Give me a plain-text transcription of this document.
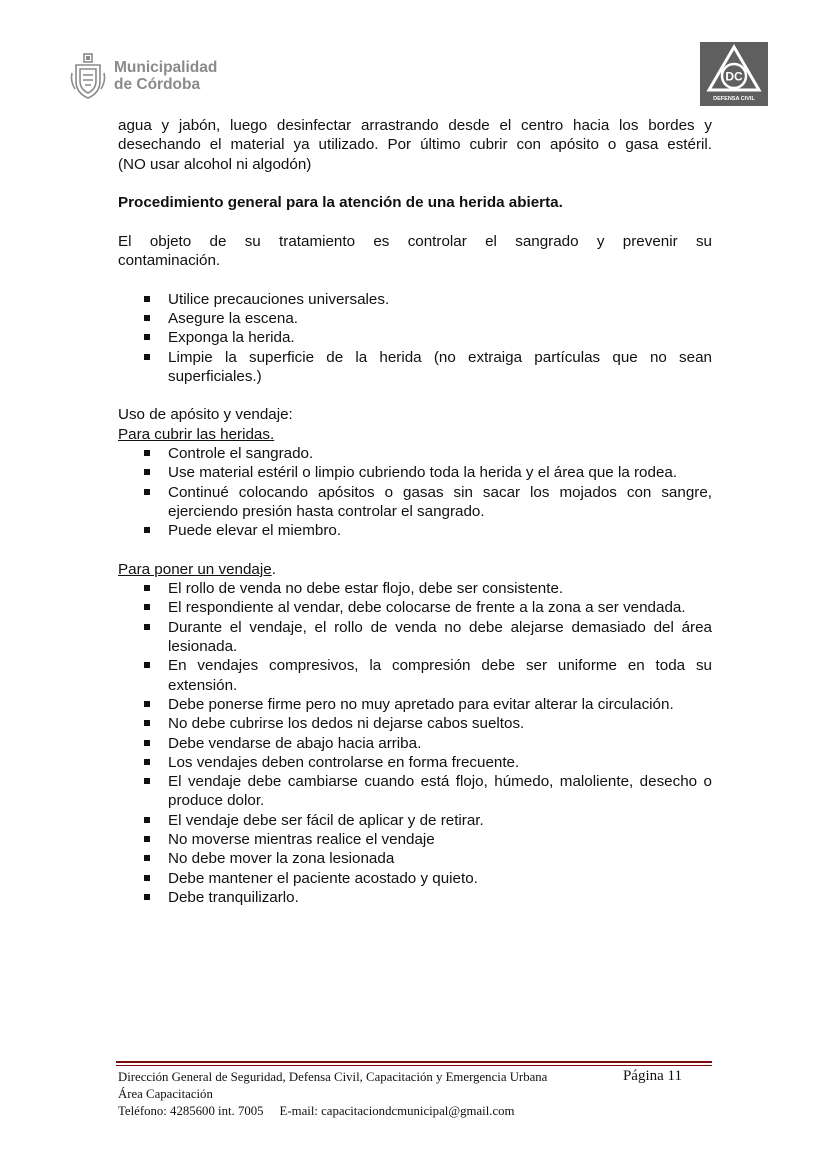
Municipalidad
de Córdoba	DC
DEFENSA CIVIL

agua y jabón, luego desinfectar arrastrando desde el centro hacia los bordes y

desechando el material ya utilizado. Por último cubrir con apósito o gasa estéril.

(NO usar alcohol ni algodón)

Procedimiento general para la atención de una herida abierta.

El objeto de su tratamiento es controlar el sangrado y prevenir su

contaminación.

Utilice precauciones universales.
Asegure la escena.
Exponga la herida.
Limpie la superficie de la herida (no extraiga partículas que no sean superficiales.)

Uso de apósito y vendaje:

Para cubrir las heridas.

Controle el sangrado.
Use material estéril o limpio cubriendo toda la herida y el área que la rodea.
Continué colocando apósitos o gasas sin sacar los mojados con sangre, ejerciendo presión hasta controlar el sangrado.
Puede elevar el miembro.

Para poner un vendaje.

El rollo de venda no debe estar flojo, debe ser consistente.
El respondiente al vendar, debe colocarse de frente a la zona a ser vendada.
Durante el vendaje, el rollo de venda no debe alejarse demasiado del área lesionada.
En vendajes compresivos, la compresión debe ser uniforme en toda su extensión.
Debe ponerse firme pero no muy apretado para evitar alterar la circulación.
No debe cubrirse los dedos ni dejarse cabos sueltos.
Debe vendarse de abajo hacia arriba.
Los vendajes deben controlarse en forma frecuente.
El vendaje debe cambiarse cuando está flojo, húmedo, maloliente, desecho o produce dolor.
El vendaje debe ser fácil de aplicar y de retirar.
No moverse mientras realice el vendaje
No debe mover la zona lesionada
Debe mantener el paciente acostado y quieto.
Debe tranquilizarlo.
Dirección General de Seguridad, Defensa Civil, Capacitación y Emergencia Urbana	Página 11
Área Capacitación
Teléfono: 4285600 int. 7005 E-mail: capacitaciondcmunicipal@gmail.com
